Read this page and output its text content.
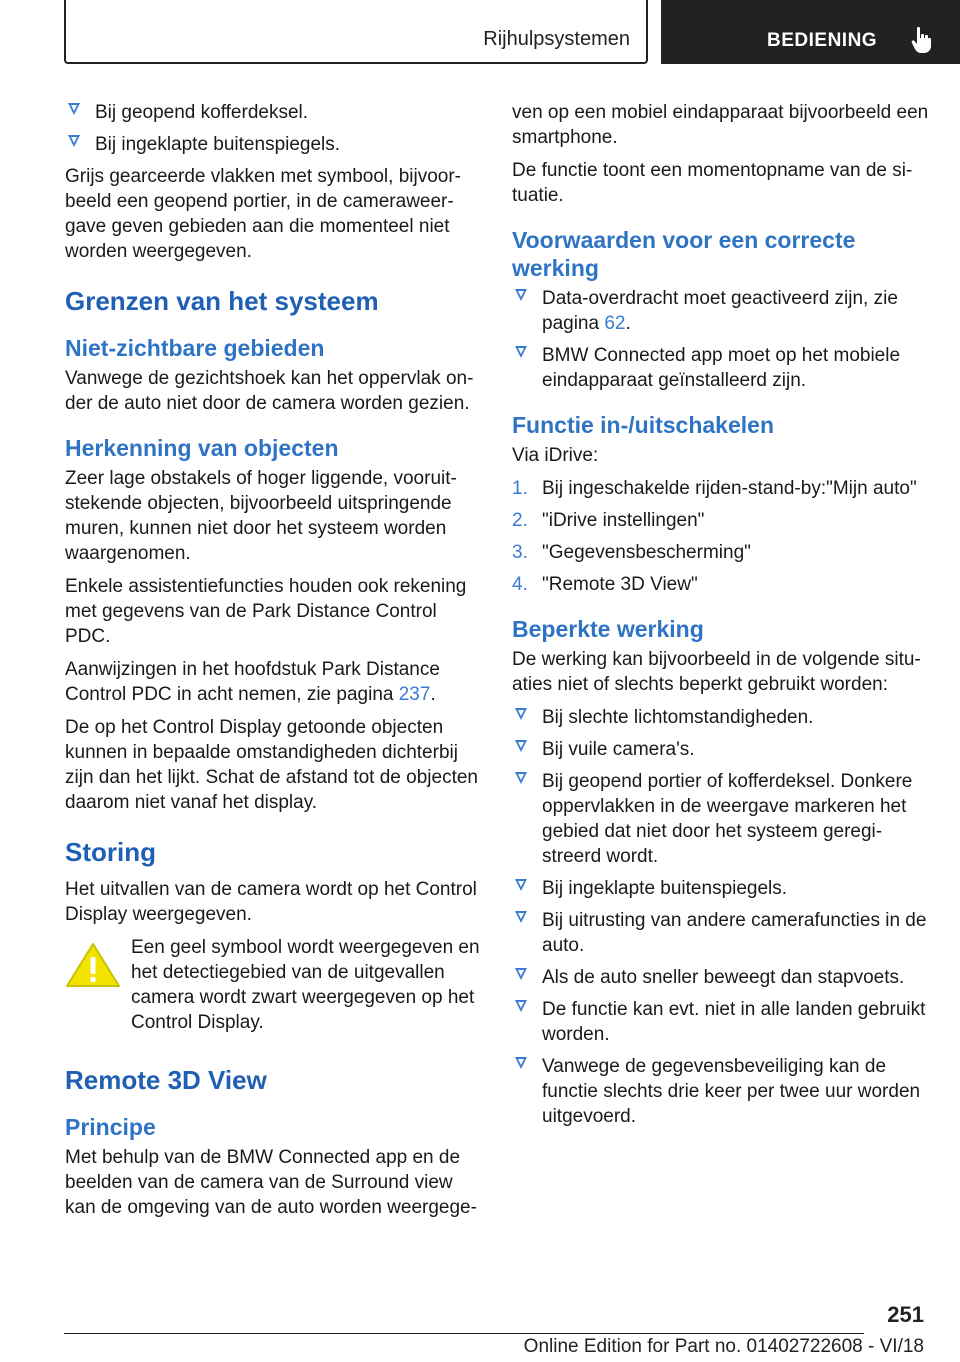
Rijhulpsystemen	BEDIENING
Bij geopend kofferdeksel.
Bij ingeklapte buitenspiegels.

Grijs gearceerde vlakken met symbool, bijvoor-beeld een geopend portier, in de cameraweer-gave geven gebieden aan die momenteel niet worden weergegeven.

Grenzen van het systeem
Niet-zichtbare gebieden

Vanwege de gezichtshoek kan het oppervlak on-der de auto niet door de camera worden gezien.

Herkenning van objecten

Zeer lage obstakels of hoger liggende, vooruit-stekende objecten, bijvoorbeeld uitspringende muren, kunnen niet door het systeem worden waargenomen.

Enkele assistentiefuncties houden ook rekening met gegevens van de Park Distance Control PDC.

Aanwijzingen in het hoofdstuk Park Distance Control PDC in acht nemen, zie pagina 237.

De op het Control Display getoonde objecten kunnen in bepaalde omstandigheden dichterbij zijn dan het lijkt. Schat de afstand tot de objecten daarom niet vanaf het display.

Storing

Het uitvallen van de camera wordt op het Control Display weergegeven.

Een geel symbool wordt weergegeven en het detectiegebied van de uitgevallen camera wordt zwart weergegeven op het Control Display.

Remote 3D View
Principe

Met behulp van de BMW Connected app en de beelden van de camera van de Surround view kan de omgeving van de auto worden weergege-

ven op een mobiel eindapparaat bijvoorbeeld een smartphone.

De functie toont een momentopname van de si-tuatie.

Voorwaarden voor een correcte werking
Data-overdracht moet geactiveerd zijn, zie pagina 62.
BMW Connected app moet op het mobiele eindapparaat geïnstalleerd zijn.
Functie in-/uitschakelen

Via iDrive:

1. Bij ingeschakelde rijden-stand-by:"Mijn auto"
2. "iDrive instellingen"
3. "Gegevensbescherming"
4. "Remote 3D View"
Beperkte werking

De werking kan bijvoorbeeld in de volgende situ-aties niet of slechts beperkt gebruikt worden:

Bij slechte lichtomstandigheden.
Bij vuile camera's.
Bij geopend portier of kofferdeksel. Donkere oppervlakken in de weergave markeren het gebied dat niet door het systeem geregi-streerd wordt.
Bij ingeklapte buitenspiegels.
Bij uitrusting van andere camerafuncties in de auto.
Als de auto sneller beweegt dan stapvoets.
De functie kan evt. niet in alle landen gebruikt worden.
Vanwege de gegevensbeveiliging kan de functie slechts drie keer per twee uur worden uitgevoerd.
251
Online Edition for Part no. 01402722608 - VI/18
